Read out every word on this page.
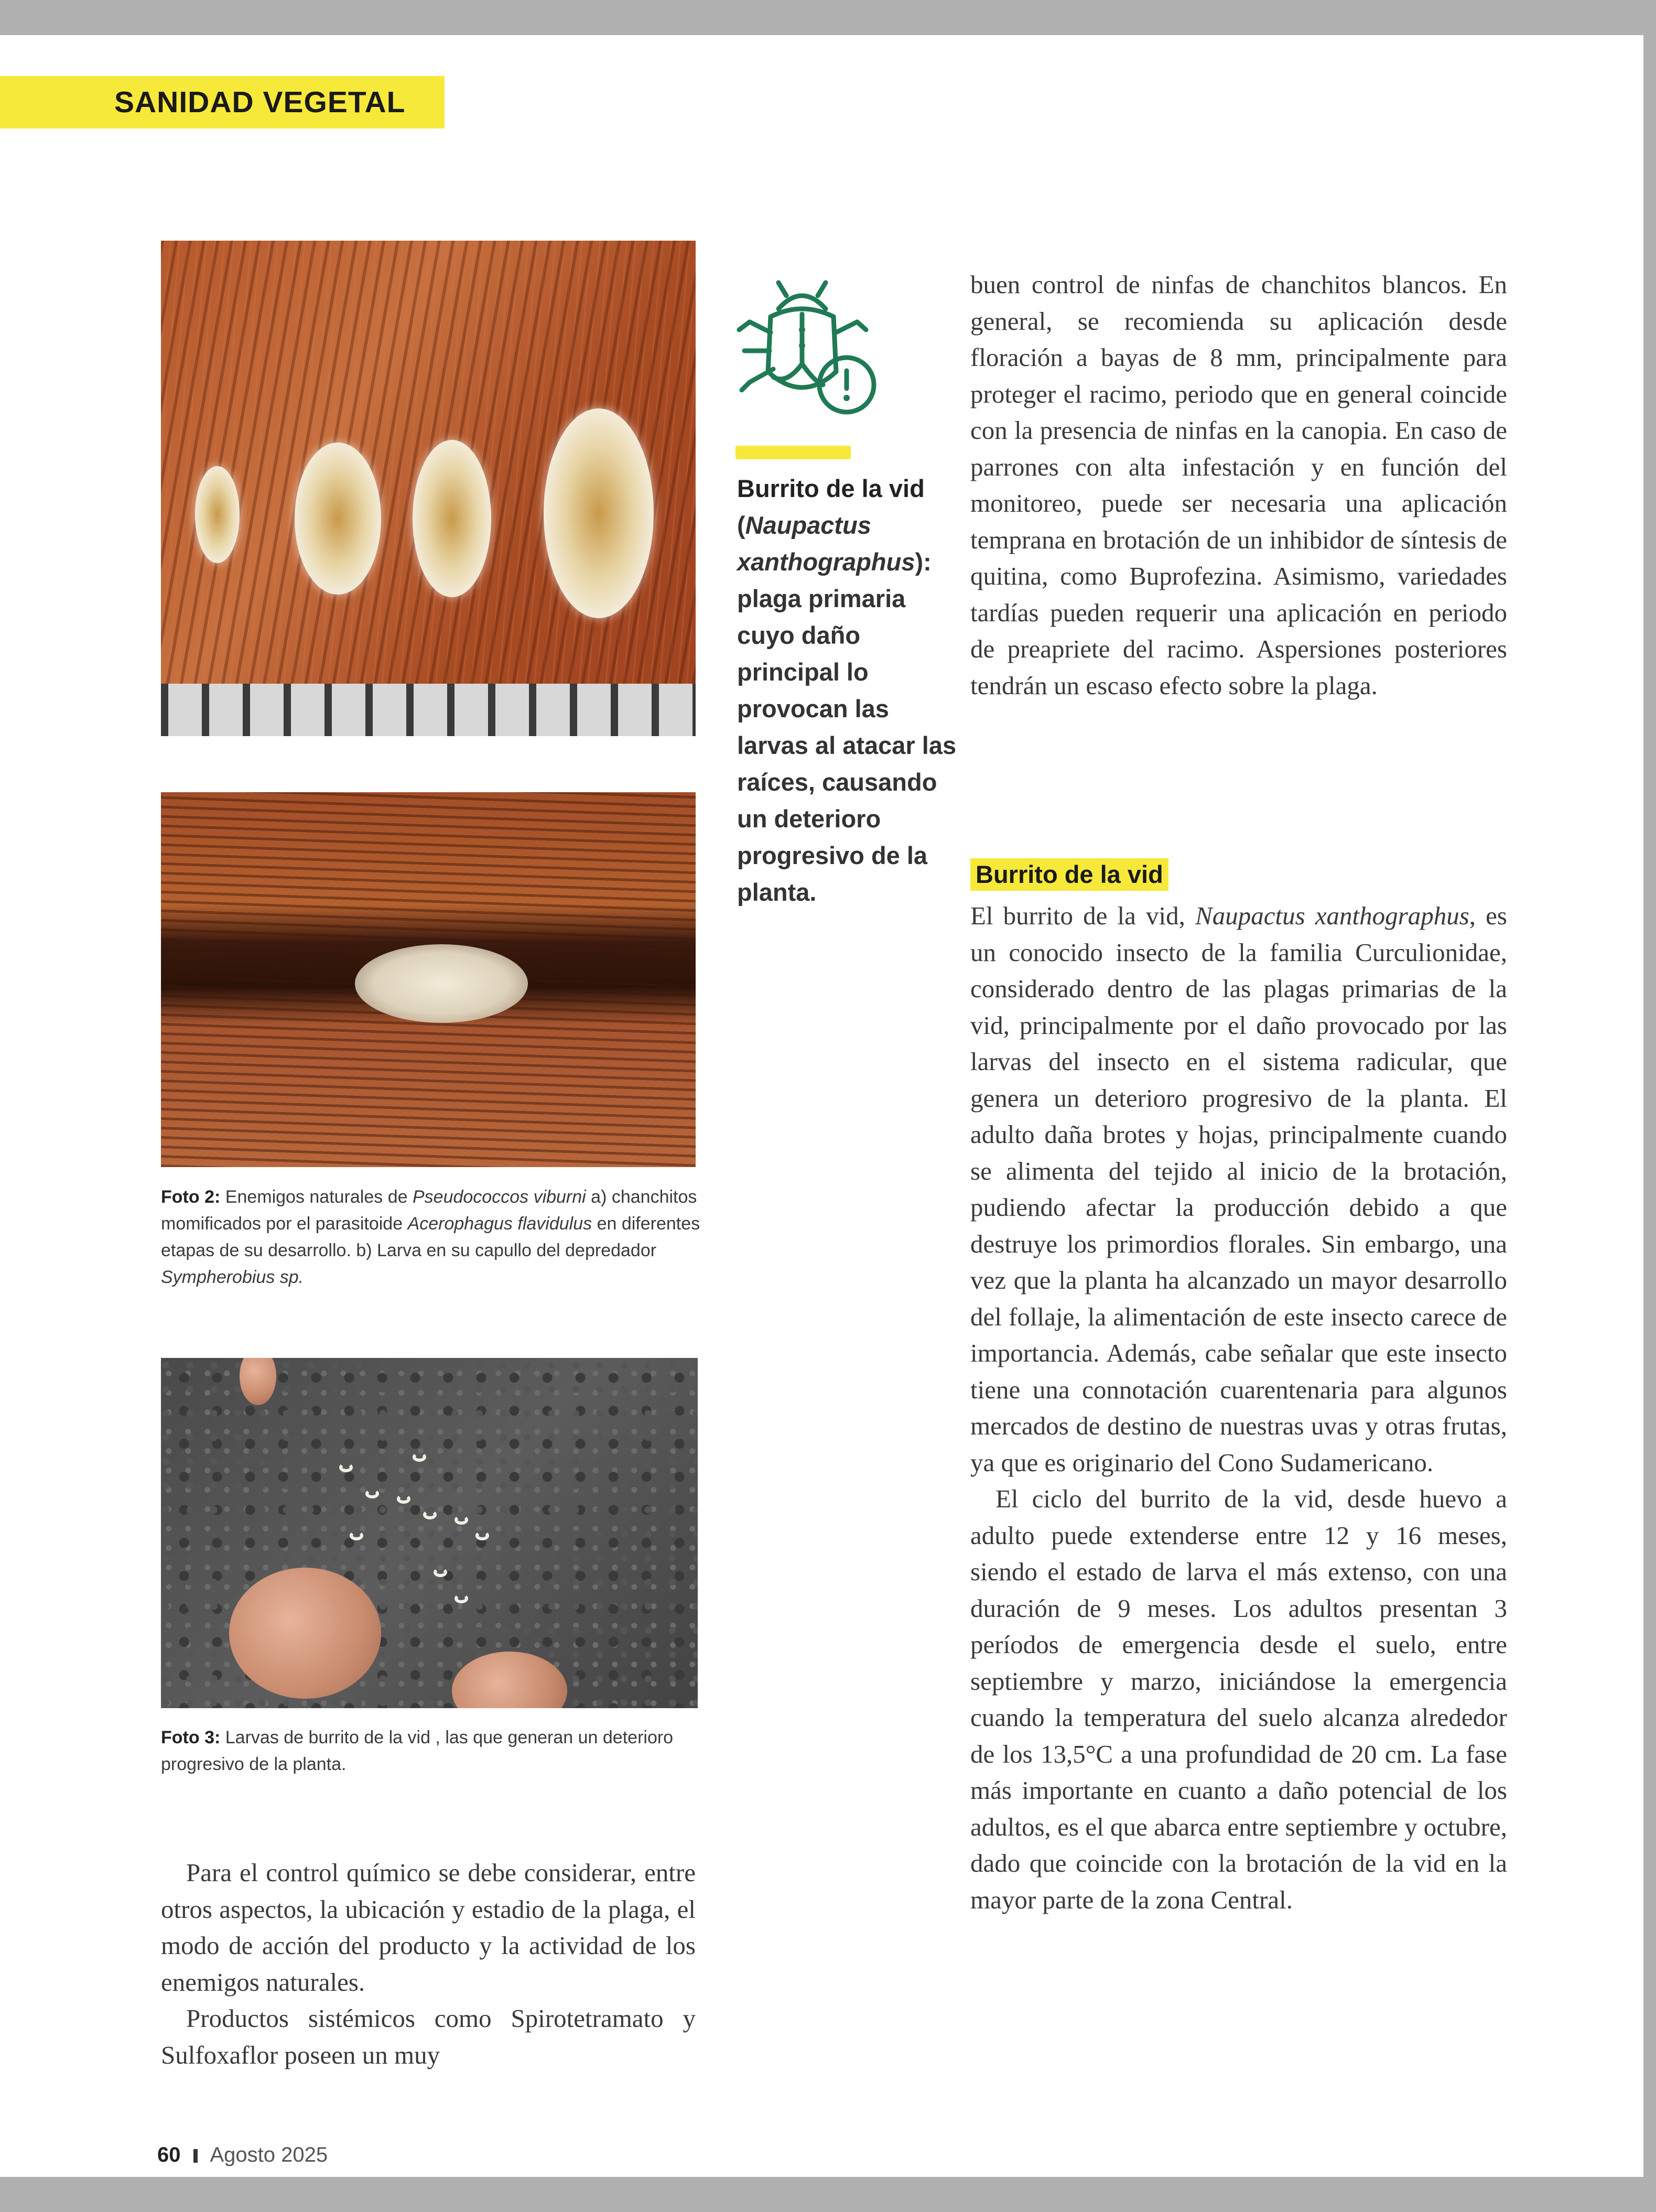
SANIDAD VEGETAL
Foto 2: Enemigos naturales de Pseudococcos viburni a) chanchitos momificados por el parasitoide Acerophagus flavidulus en diferentes etapas de su desarrollo. b) Larva en su capullo del depredador Sympherobius sp.
Foto 3: Larvas de burrito de la vid , las que generan un deterioro progresivo de la planta.

Para el control químico se debe considerar, entre otros aspectos, la ubicación y estadio de la plaga, el modo de acción del producto y la actividad de los enemigos naturales.

Productos sistémicos como Spirotetramato y Sulfoxaflor poseen un muy

Burrito de la vid (Naupactus xanthographus): plaga primaria cuyo daño principal lo provocan las larvas al atacar las raíces, causando un deterioro progresivo de la planta.

buen control de ninfas de chanchitos blancos. En general, se recomienda su aplicación desde floración a bayas de 8 mm, principalmente para proteger el racimo, periodo que en general coincide con la presencia de ninfas en la canopia. En caso de parrones con alta infestación y en función del monitoreo, puede ser necesaria una aplicación temprana en brotación de un inhibidor de síntesis de quitina, como Buprofezina. Asimismo, variedades tardías pueden requerir una aplicación en periodo de preapriete del racimo. Aspersiones posteriores tendrán un escaso efecto sobre la plaga.

Burrito de la vid

El burrito de la vid, Naupactus xanthographus, es un conocido insecto de la familia Curculionidae, considerado dentro de las plagas primarias de la vid, principalmente por el daño provocado por las larvas del insecto en el sistema radicular, que genera un deterioro progresivo de la planta. El adulto daña brotes y hojas, principalmente cuando se alimenta del tejido al inicio de la brotación, pudiendo afectar la producción debido a que destruye los primordios florales. Sin embargo, una vez que la planta ha alcanzado un mayor desarrollo del follaje, la alimentación de este insecto carece de importancia. Además, cabe señalar que este insecto tiene una connotación cuarentenaria para algunos mercados de destino de nuestras uvas y otras frutas, ya que es originario del Cono Sudamericano.

El ciclo del burrito de la vid, desde huevo a adulto puede extenderse entre 12 y 16 meses, siendo el estado de larva el más extenso, con una duración de 9 meses. Los adultos presentan 3 períodos de emergencia desde el suelo, entre septiembre y marzo, iniciándose la emergencia cuando la temperatura del suelo alcanza alrededor de los 13,5°C a una profundidad de 20 cm. La fase más importante en cuanto a daño potencial de los adultos, es el que abarca entre septiembre y octubre, dado que coincide con la brotación de la vid en la mayor parte de la zona Central.

60 Agosto 2025
